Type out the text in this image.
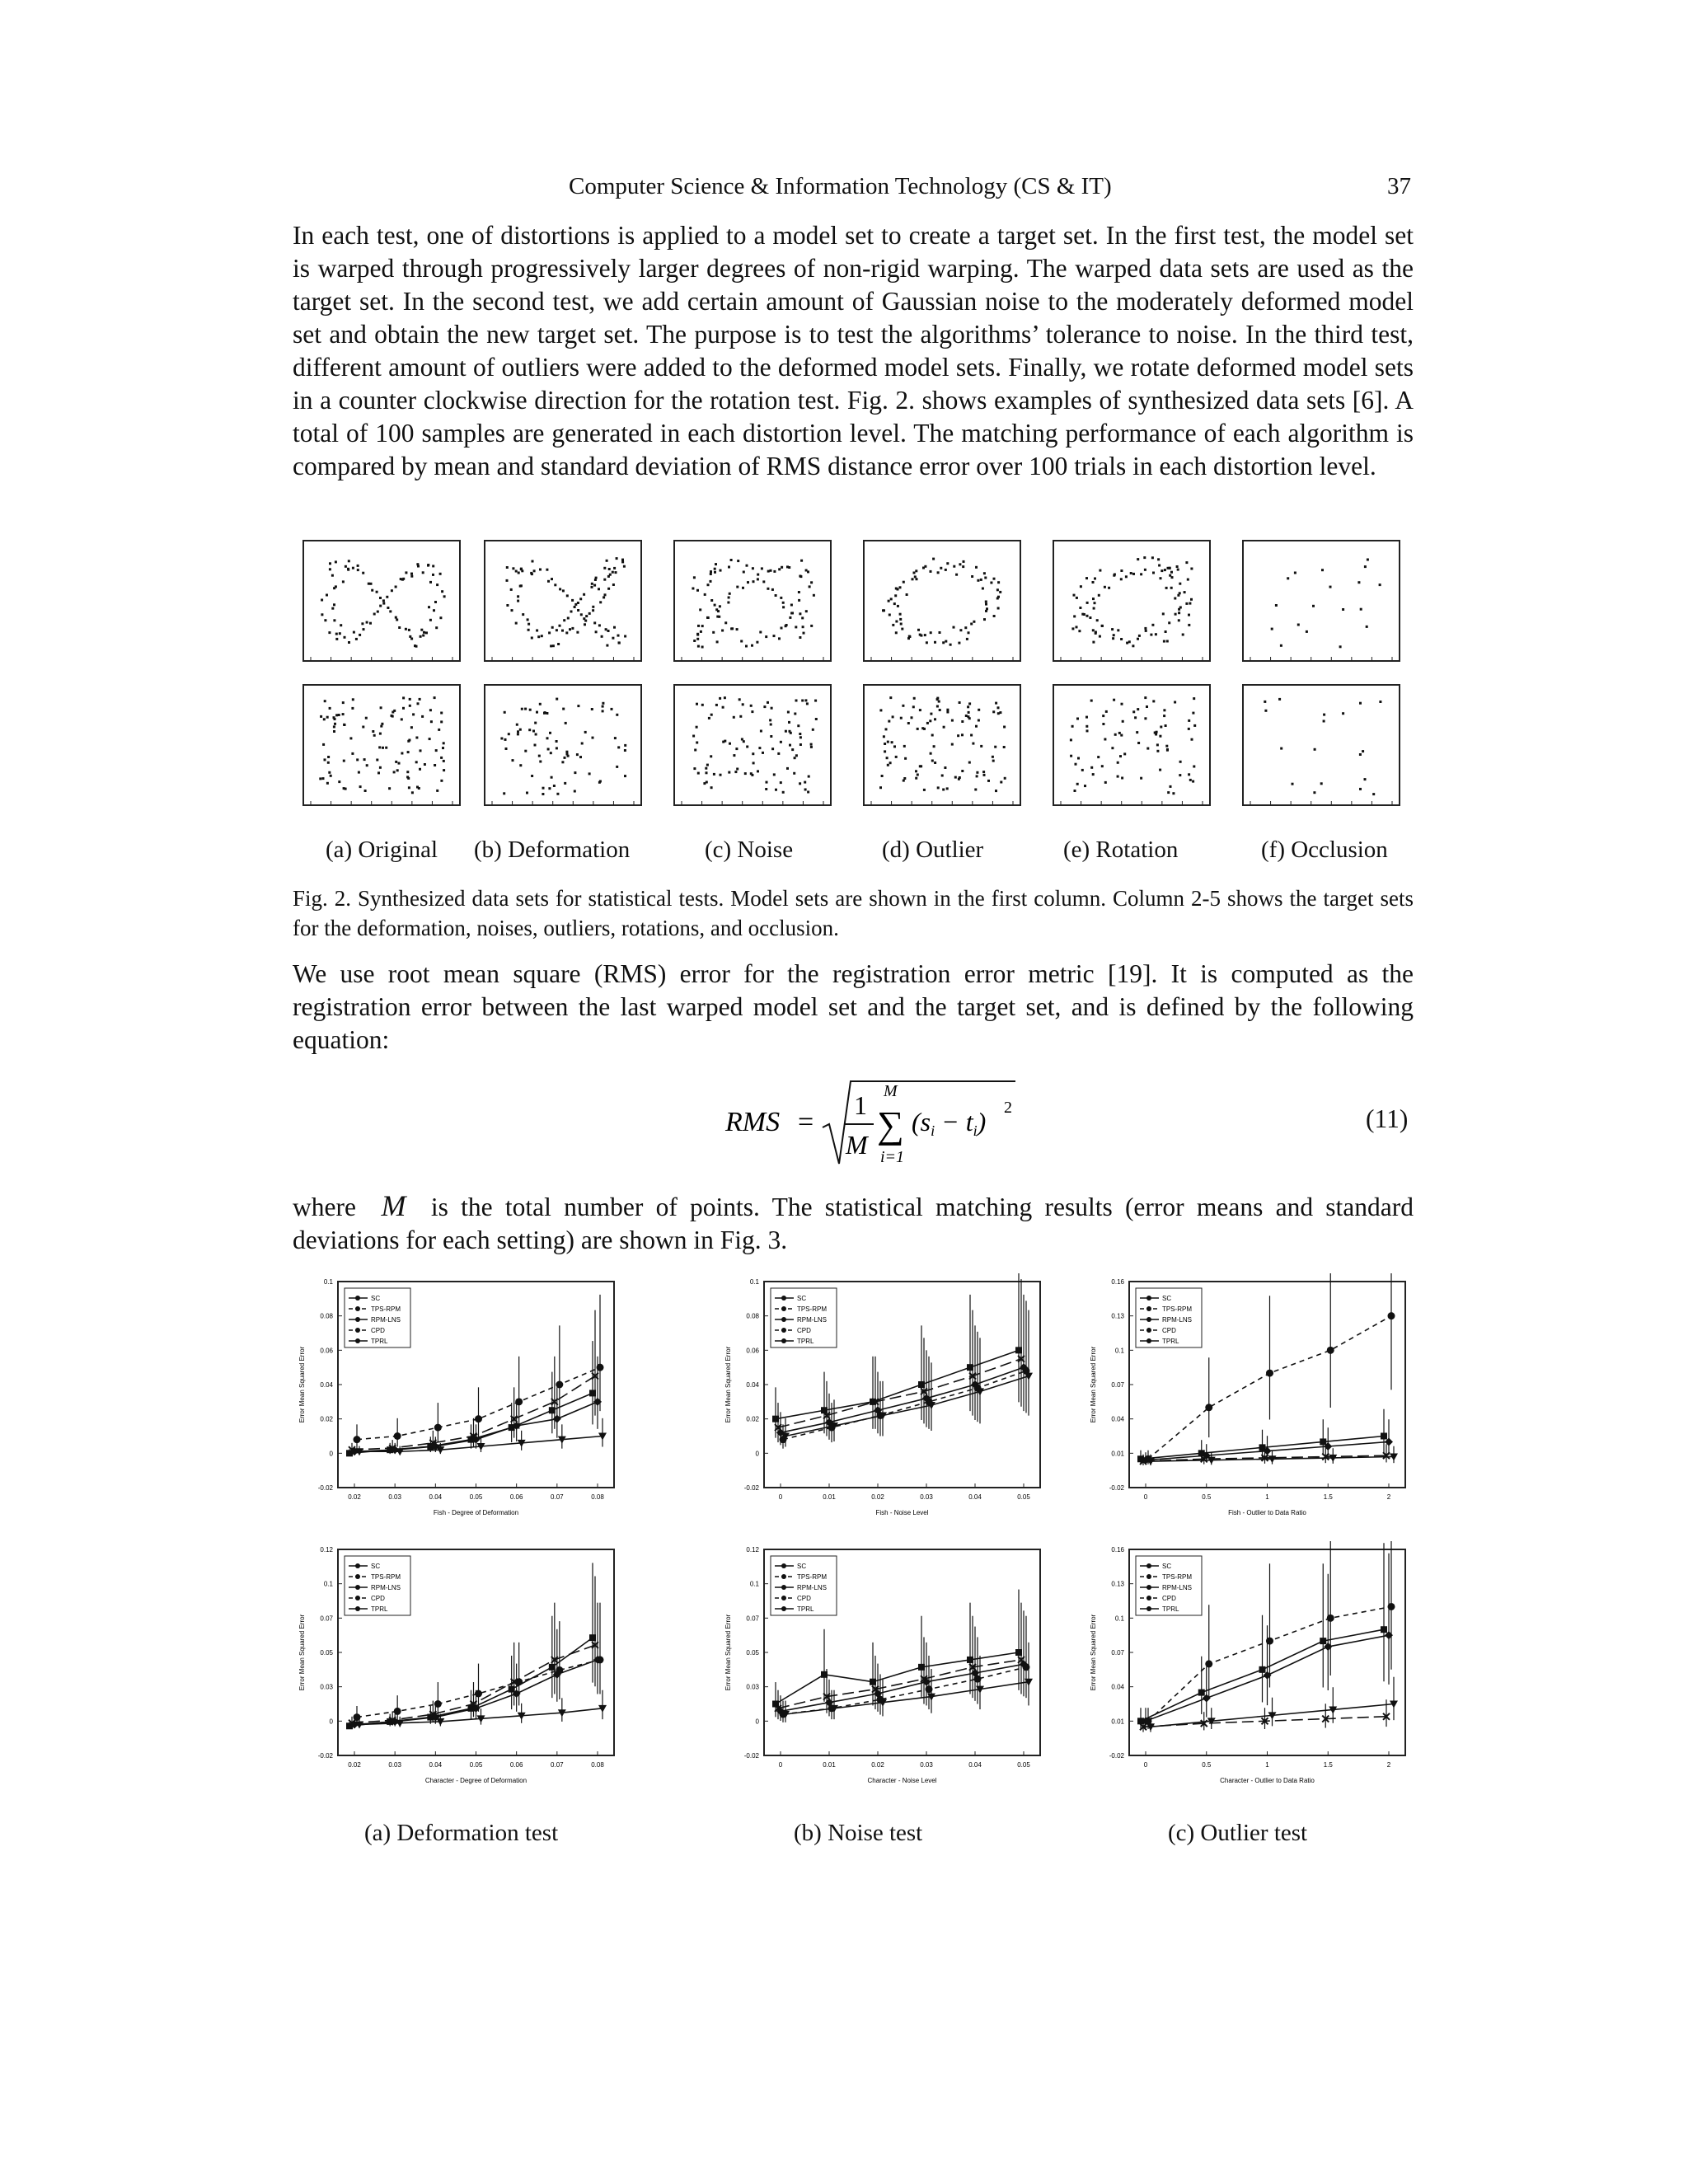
Computer Science & Information Technology (CS & IT)	37
In each test, one of distortions is applied to a model set to create a target set. In the first test, the model set is warped through progressively larger degrees of non-rigid warping. The warped data sets are used as the target set. In the second test, we add certain amount of Gaussian noise to the moderately deformed model set and obtain the new target set. The purpose is to test the algorithms’ tolerance to noise. In the third test, different amount of outliers were added to the deformed model sets. Finally, we rotate deformed model sets in a counter clockwise direction for the rotation test. Fig. 2. shows examples of synthesized data sets [6]. A total of 100 samples are generated in each distortion level. The matching performance of each algorithm is compared by mean and standard deviation of RMS distance error over 100 trials in each distortion level.
(a) Original (b) Deformation	(c) Noise	(d) Outlier	(e) Rotation	(f) Occlusion
Fig. 2. Synthesized data sets for statistical tests. Model sets are shown in the first column. Column 2-5 shows the target sets for the deformation, noises, outliers, rotations, and occlusion.
We use root mean square (RMS) error for the registration error metric [19]. It is computed as the registration error between the last warped model set and the target set, and is defined by the following equation:
RMS =
1
M
M
∑
i=1
(si − ti) 2	(11)
where M is the total number of points. The statistical matching results (error means and standard deviations for each setting) are shown in Fig. 3.
0.02	0.03	0.04	0.05	0.06	0.07	0.08
-0.02
0
0.02
0.04
0.06
0.08
0.1
Fish - Degree of Deformation
Error Mean Squared Error
SC
TPS-RPM
RPM-LNS
CPD
TPRL
0	0.01	0.02	0.03	0.04	0.05
-0.02
0
0.02
0.04
0.06
0.08
0.1
Fish - Noise Level
Error Mean Squared Error
SC
TPS-RPM
RPM-LNS
CPD
TPRL
0	0.5	1	1.5	2
-0.02
0.01
0.04
0.07
0.1
0.13
0.16
Fish - Outlier to Data Ratio
Error Mean Squared Error
SC
TPS-RPM
RPM-LNS
CPD
TPRL
0.02	0.03	0.04	0.05	0.06	0.07	0.08
-0.02
0
0.03
0.05
0.07
0.1
0.12
Character - Degree of Deformation
Error Mean Squared Error
SC
TPS-RPM
RPM-LNS
CPD
TPRL
0	0.01	0.02	0.03	0.04	0.05
-0.02
0
0.03
0.05
0.07
0.1
0.12
Character - Noise Level
Error Mean Squared Error
SC
TPS-RPM
RPM-LNS
CPD
TPRL
0	0.5	1	1.5	2
-0.02
0.01
0.04
0.07
0.1
0.13
0.16
Character - Outlier to Data Ratio
Error Mean Squared Error
SC
TPS-RPM
RPM-LNS
CPD
TPRL
(a) Deformation test	(b) Noise test	(c) Outlier test
